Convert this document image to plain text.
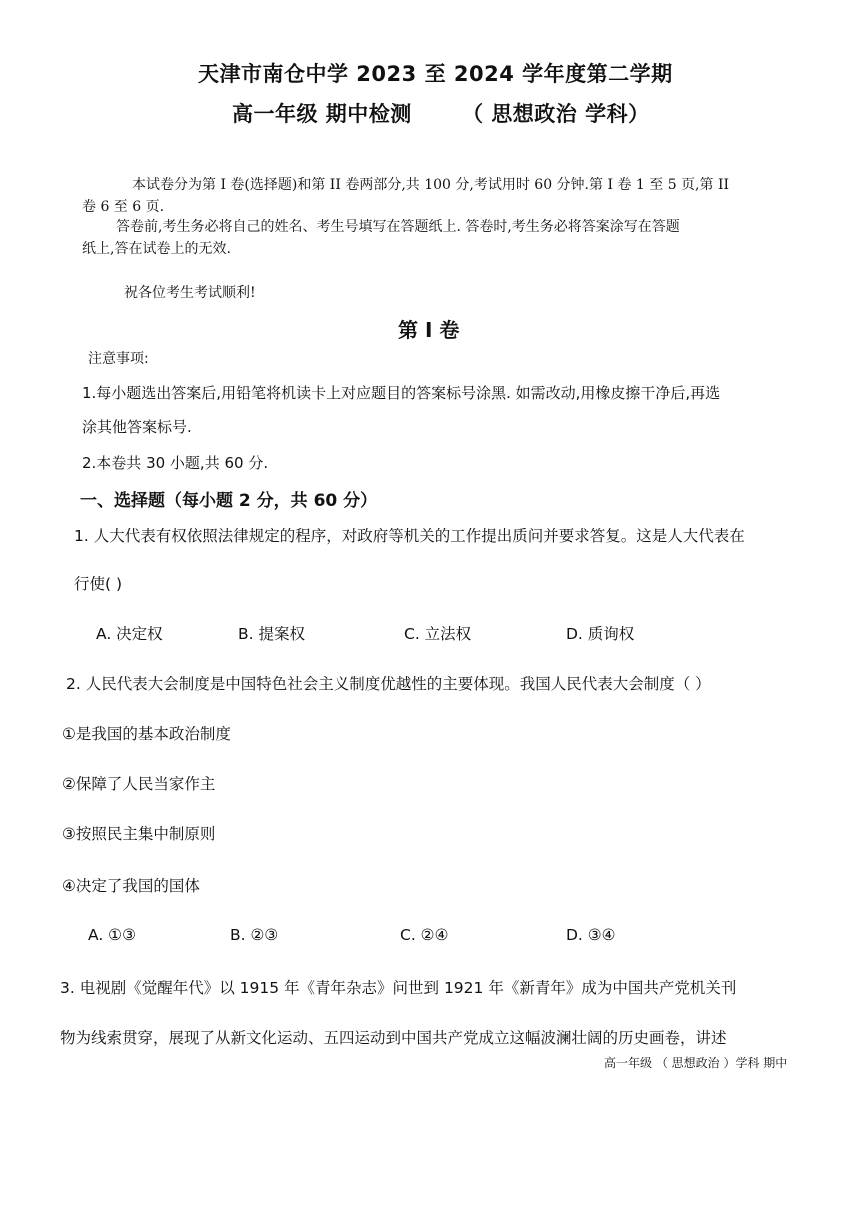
天津市南仓中学 2023 至 2024 学年度第二学期
高一年级 期中检测 （ 思想政治 学科）
本试卷分为第 I 卷(选择题)和第 II 卷两部分,共 100 分,考试用时 60 分钟.第 I 卷 1 至 5 页,第 II
卷 6 至 6 页.
答卷前,考生务必将自己的姓名、考生号填写在答题纸上. 答卷时,考生务必将答案涂写在答题
纸上,答在试卷上的无效.
祝各位考生考试顺利!
第 I 卷
注意事项:
1.每小题选出答案后,用铅笔将机读卡上对应题目的答案标号涂黑. 如需改动,用橡皮擦干净后,再选
涂其他答案标号.
2.本卷共 30 小题,共 60 分.
一、选择题（每小题 2 分，共 60 分）
1. 人大代表有权依照法律规定的程序，对政府等机关的工作提出质问并要求答复。这是人大代表在
行使( )
A. 决定权	B. 提案权	C. 立法权	D. 质询权
2. 人民代表大会制度是中国特色社会主义制度优越性的主要体现。我国人民代表大会制度（ ）
①是我国的基本政治制度
②保障了人民当家作主
③按照民主集中制原则
④决定了我国的国体
A. ①③	B. ②③	C. ②④	D. ③④
3. 电视剧《觉醒年代》以 1915 年《青年杂志》问世到 1921 年《新青年》成为中国共产党机关刊
物为线索贯穿，展现了从新文化运动、五四运动到中国共产党成立这幅波澜壮阔的历史画卷，讲述
高一年级 （ 思想政治 ）学科 期中
